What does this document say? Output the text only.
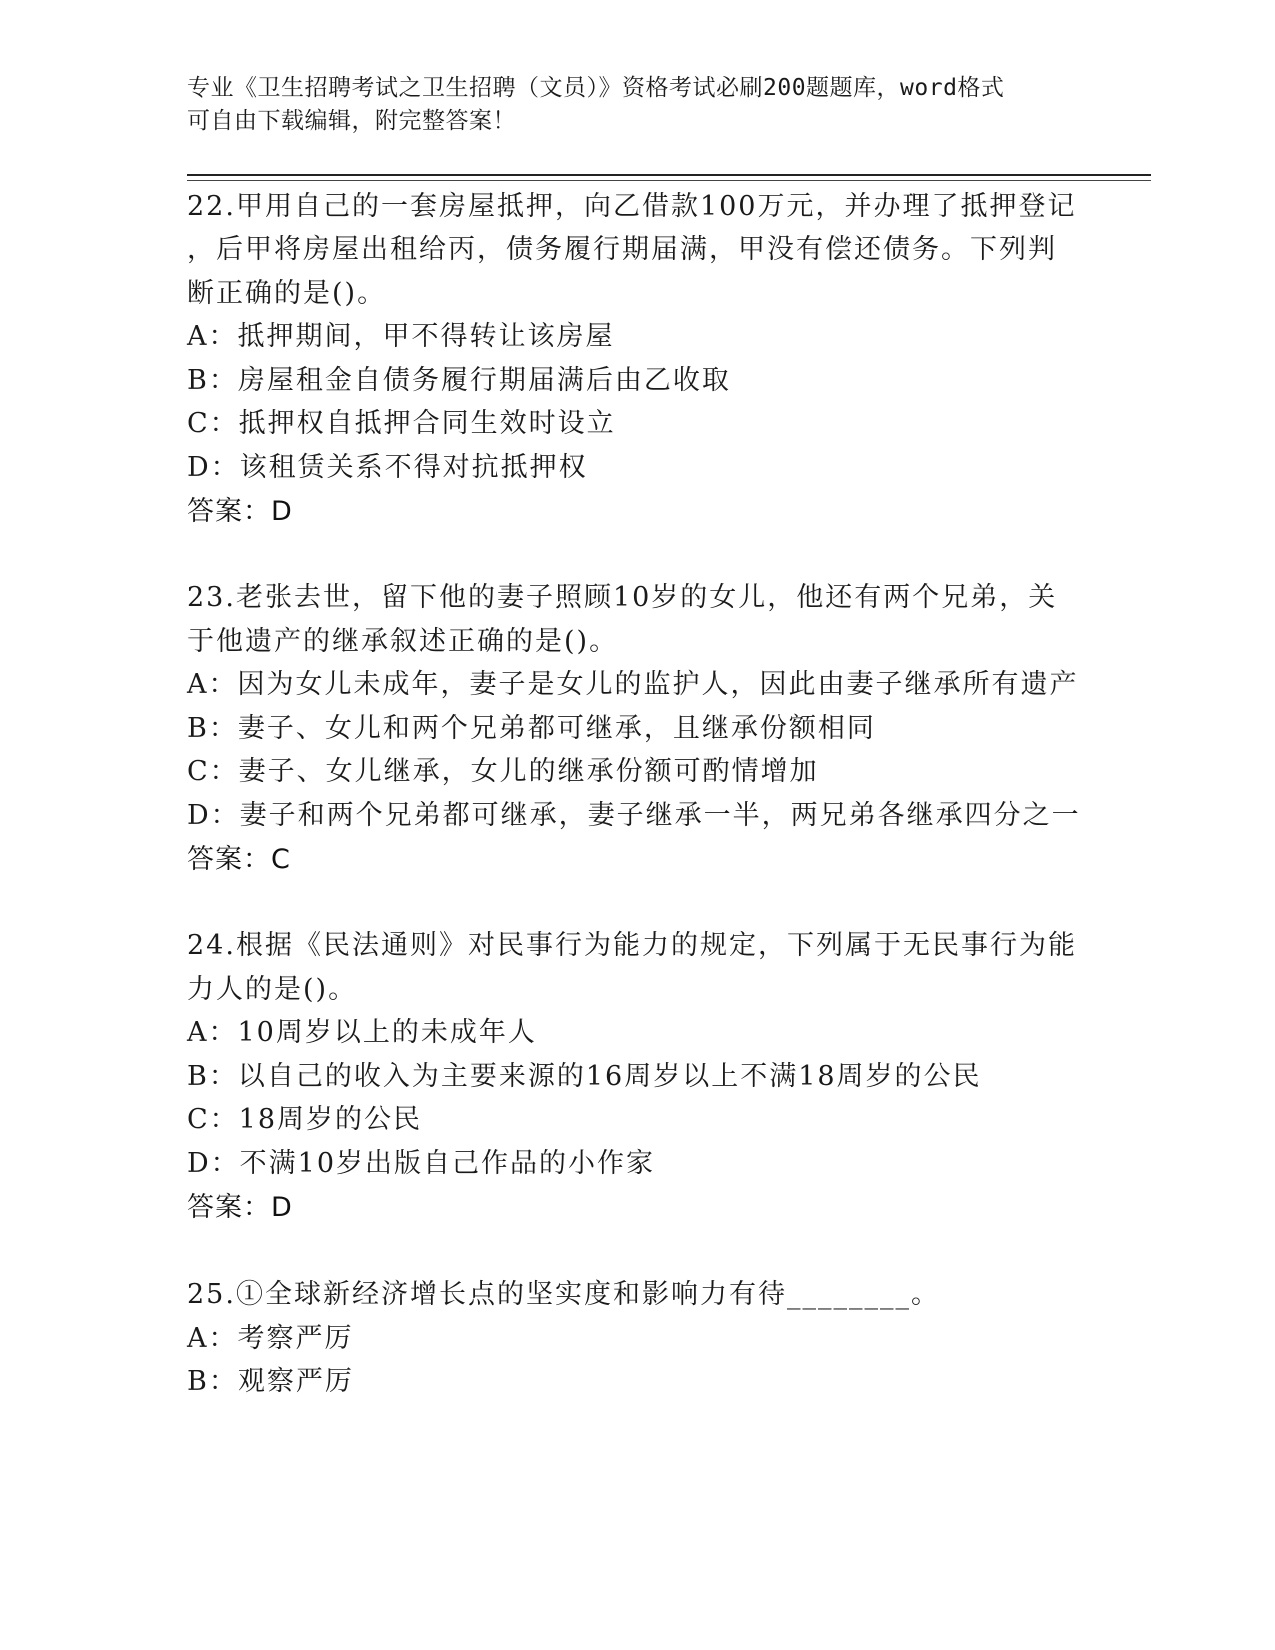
专业《卫生招聘考试之卫生招聘（文员）》资格考试必刷200题题库，word格式
可自由下载编辑，附完整答案！
22.甲用自己的一套房屋抵押，向乙借款100万元，并办理了抵押登记
，后甲将房屋出租给丙，债务履行期届满，甲没有偿还债务。下列判
断正确的是()。
A：抵押期间，甲不得转让该房屋
B：房屋租金自债务履行期届满后由乙收取
C：抵押权自抵押合同生效时设立
D：该租赁关系不得对抗抵押权
答案：D
23.老张去世，留下他的妻子照顾10岁的女儿，他还有两个兄弟，关
于他遗产的继承叙述正确的是()。
A：因为女儿未成年，妻子是女儿的监护人，因此由妻子继承所有遗产
B：妻子、女儿和两个兄弟都可继承，且继承份额相同
C：妻子、女儿继承，女儿的继承份额可酌情增加
D：妻子和两个兄弟都可继承，妻子继承一半，两兄弟各继承四分之一
答案：C
24.根据《民法通则》对民事行为能力的规定，下列属于无民事行为能
力人的是()。
A：10周岁以上的未成年人
B：以自己的收入为主要来源的16周岁以上不满18周岁的公民
C：18周岁的公民
D：不满10岁出版自己作品的小作家
答案：D
25.①全球新经济增长点的坚实度和影响力有待________。
A：考察严厉
B：观察严厉
